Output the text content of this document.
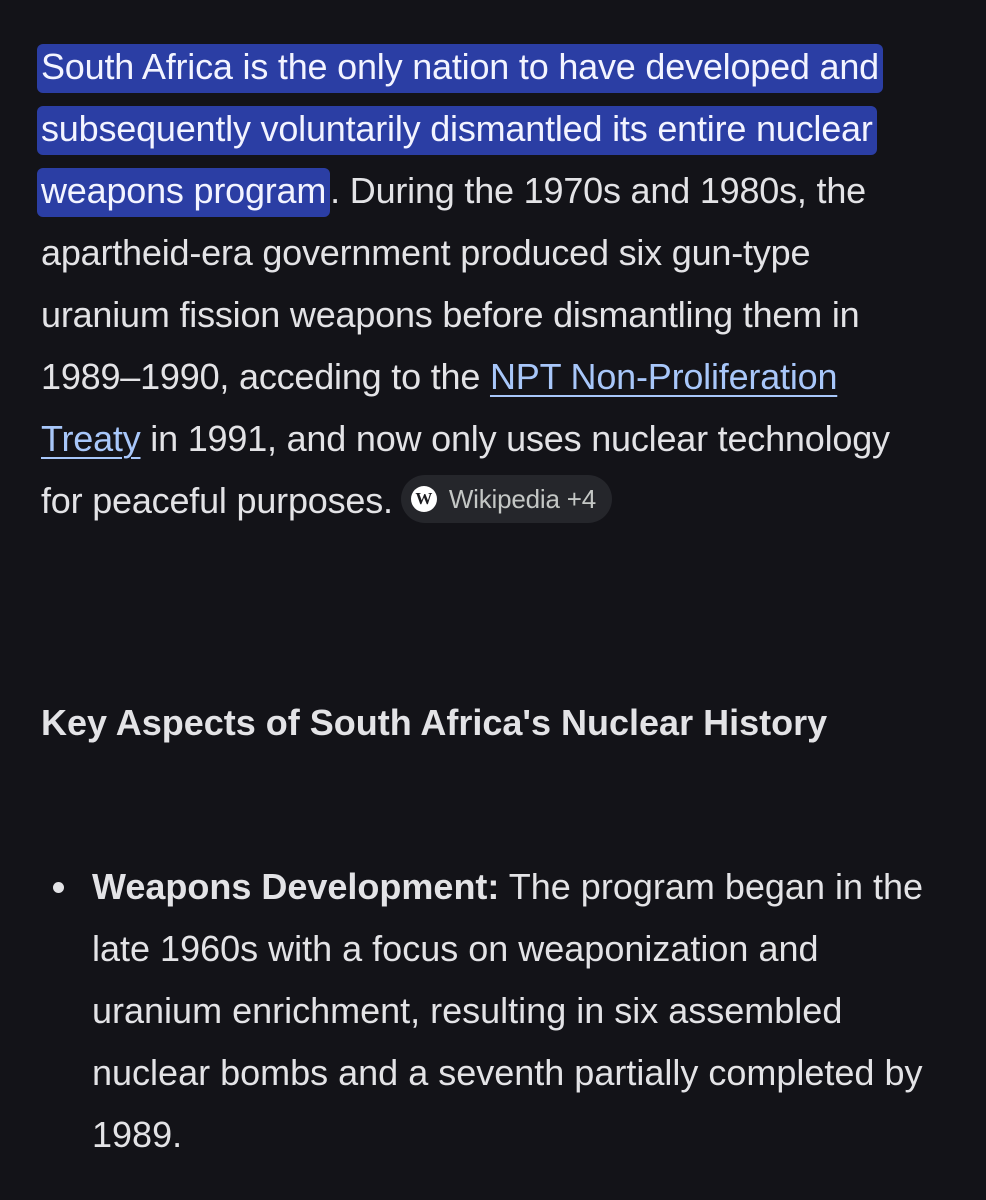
South Africa is the only nation to have developed and subsequently voluntarily dismantled its entire nuclear weapons program . During the 1970s and 1980s, the apartheid-era government produced six gun-type uranium fission weapons before dismantling them in 1989–1990, acceding to the NPT Non-Proliferation Treaty in 1991, and now only uses nuclear technology for peaceful purposes. W Wikipedia +4

Key Aspects of South Africa's Nuclear History
Weapons Development: The program began in the late 1960s with a focus on weaponization and uranium enrichment, resulting in six assembled nuclear bombs and a seventh partially completed by 1989.
